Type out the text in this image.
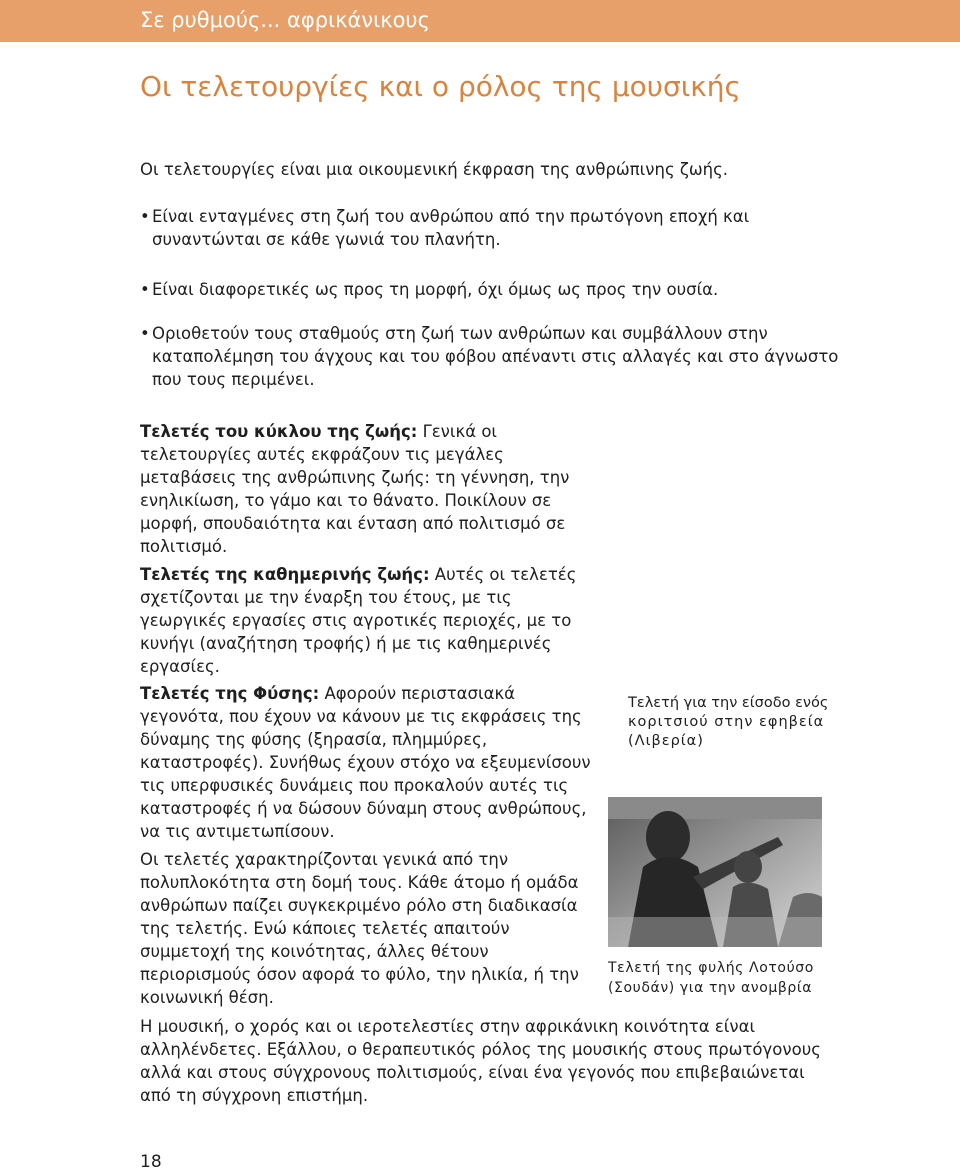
Σε ρυθμούς... αφρικάνικους
Οι τελετουργίες και ο ρόλος της μουσικής

Οι τελετουργίες είναι μια οικουμενική έκφραση της ανθρώπινης ζωής.

• Είναι ενταγμένες στη ζωή του ανθρώπου από την πρωτόγονη εποχή και συναντώνται σε κάθε γωνιά του πλανήτη.

• Είναι διαφορετικές ως προς τη μορφή, όχι όμως ως προς την ουσία.

• Οριοθετούν τους σταθμούς στη ζωή των ανθρώπων και συμβάλλουν στην καταπολέμηση του άγχους και του φόβου απέναντι στις αλλαγές και στο άγνωστο που τους περιμένει.

Τελετές του κύκλου της ζωής: Γενικά οι τελετουργίες αυτές εκφράζουν τις μεγάλες μεταβάσεις της ανθρώπινης ζωής: τη γέννηση, την ενηλικίωση, το γάμο και το θάνατο. Ποικίλουν σε μορφή, σπουδαιότητα και ένταση από πολιτισμό σε πολιτισμό.

Τελετές της καθημερινής ζωής: Αυτές οι τελετές σχετίζονται με την έναρξη του έτους, με τις γεωργικές εργασίες στις αγροτικές περιοχές, με το κυνήγι (αναζήτηση τροφής) ή με τις καθημερινές εργασίες.

Τελετές της Φύσης: Αφορούν περιστασιακά γεγονότα, που έχουν να κάνουν με τις εκφράσεις της δύναμης της φύσης (ξηρασία, πλημμύρες, καταστροφές). Συνήθως έχουν στόχο να εξευμενίσουν τις υπερφυσικές δυνάμεις που προκαλούν αυτές τις καταστροφές ή να δώσουν δύναμη στους ανθρώπους, να τις αντιμετωπίσουν.

Οι τελετές χαρακτηρίζονται γενικά από την πολυπλοκότητα στη δομή τους. Κάθε άτομο ή ομάδα ανθρώπων παίζει συγκεκριμένο ρόλο στη διαδικασία της τελετής. Ενώ κάποιες τελετές απαιτούν συμμετοχή της κοινότητας, άλλες θέτουν περιορισμούς όσον αφορά το φύλο, την ηλικία, ή την κοινωνική θέση.

Τελετή για την είσοδο ενός
κοριτσιού στην εφηβεία (Λιβερία)
Τελετή της φυλής Λοτούσο (Σουδάν) για την ανομβρία

Η μουσική, ο χορός και οι ιεροτελεστίες στην αφρικάνικη κοινότητα είναι αλληλένδετες. Εξάλλου, ο θεραπευτικός ρόλος της μουσικής στους πρωτόγονους αλλά και στους σύγχρονους πολιτισμούς, είναι ένα γεγονός που επιβεβαιώνεται από τη σύγχρονη επιστήμη.

18
